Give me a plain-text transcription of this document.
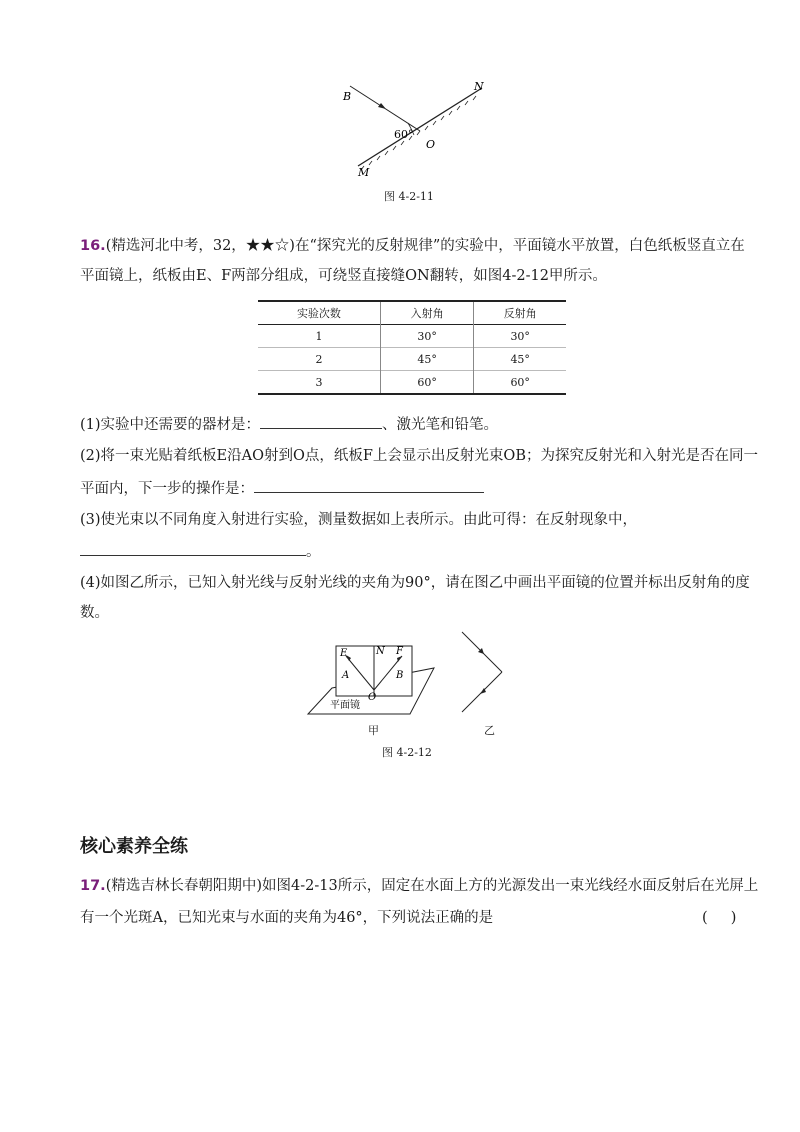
B
N
M
O
60°
图 4-2-11
16.(精选河北中考，32，★★☆)在“探究光的反射规律”的实验中，平面镜水平放置，白色纸板竖直立在
平面镜上，纸板由E、F两部分组成，可绕竖直接缝ON翻转，如图4-2-12甲所示。
实验次数	入射角	反射角
1	30°	30°
2	45°	45°
3	60°	60°
(1)实验中还需要的器材是：	、激光笔和铅笔。
(2)将一束光贴着纸板E沿AO射到O点，纸板F上会显示出反射光束OB；为探究反射光和入射光是否在同一
平面内，下一步的操作是：
(3)使光束以不同角度入射进行实验，测量数据如上表所示。由此可得：在反射现象中，
。
(4)如图乙所示，已知入射光线与反射光线的夹角为90°，请在图乙中画出平面镜的位置并标出反射角的度
数。
E	N F
A	B
O
平面镜
甲	乙
图 4-2-12
核心素养全练
17.(精选吉林长春朝阳期中)如图4-2-13所示，固定在水面上方的光源发出一束光线经水面反射后在光屏上
有一个光斑A，已知光束与水面的夹角为46°，下列说法正确的是	(     )
